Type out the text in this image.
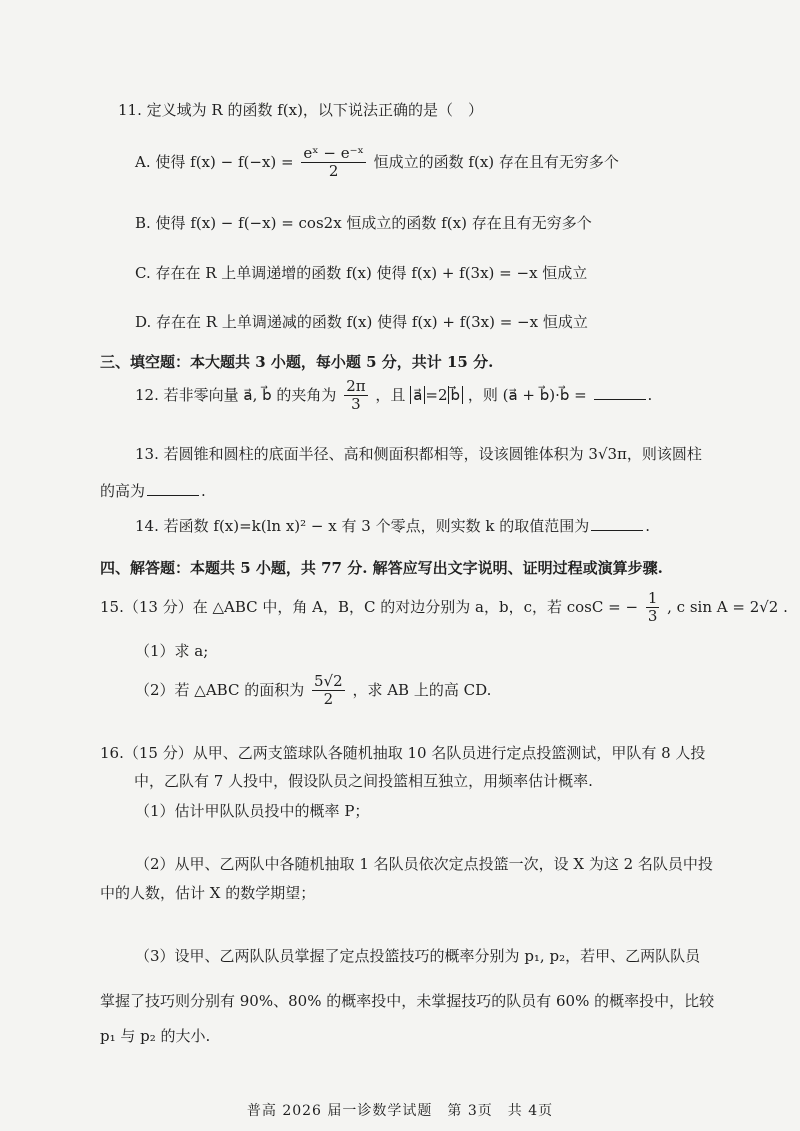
11. 定义域为 R 的函数 f(x)，以下说法正确的是（　）
A. 使得 $f(x) - f(-x) = \frac{\text{eˣ − e⁻ˣ}}{2}$ 恒成立的函数 f(x) 存在且有无穷多个
B. 使得 f(x) − f(−x) = cos2x 恒成立的函数 f(x) 存在且有无穷多个
C. 存在在 R 上单调递增的函数 f(x) 使得 f(x) + f(3x) = −x 恒成立
D. 存在在 R 上单调递减的函数 f(x) 使得 f(x) + f(3x) = −x 恒成立
三、填空题：本大题共 3 小题，每小题 5 分，共计 15 分.
12. 若非零向量 a⃗, b⃗ 的夹角为 $\frac{2\pi}{3}$ ，且 a⃗ =2 b⃗ ，则 (a⃗ + b⃗)·b⃗ =	.
13. 若圆锥和圆柱的底面半径、高和侧面积都相等，设该圆锥体积为 3√3π，则该圆柱
的高为	.
14. 若函数 f(x)=k(ln x)² − x 有 3 个零点，则实数 k 的取值范围为	.
四、解答题：本题共 5 小题，共 77 分. 解答应写出文字说明、证明过程或演算步骤.
15.（13 分）在 △ABC 中，角 A，B，C 的对边分别为 a，b，c，若 cosC = − $\frac{1}{3}$ , c sin A = 2√2 .
（1）求 a;
（2）若 △ABC 的面积为 $\frac{5√2}{2}$ ，求 AB 上的高 CD.
16.（15 分）从甲、乙两支篮球队各随机抽取 10 名队员进行定点投篮测试，甲队有 8 人投
中，乙队有 7 人投中，假设队员之间投篮相互独立，用频率估计概率.
（1）估计甲队队员投中的概率 P；
（2）从甲、乙两队中各随机抽取 1 名队员依次定点投篮一次，设 X 为这 2 名队员中投
中的人数，估计 X 的数学期望；
（3）设甲、乙两队队员掌握了定点投篮技巧的概率分别为 p₁, p₂，若甲、乙两队队员
掌握了技巧则分别有 90%、80% 的概率投中，未掌握技巧的队员有 60% 的概率投中，比较
p₁ 与 p₂ 的大小.
普高 2026 届一诊数学试题　第 3页　共 4页
